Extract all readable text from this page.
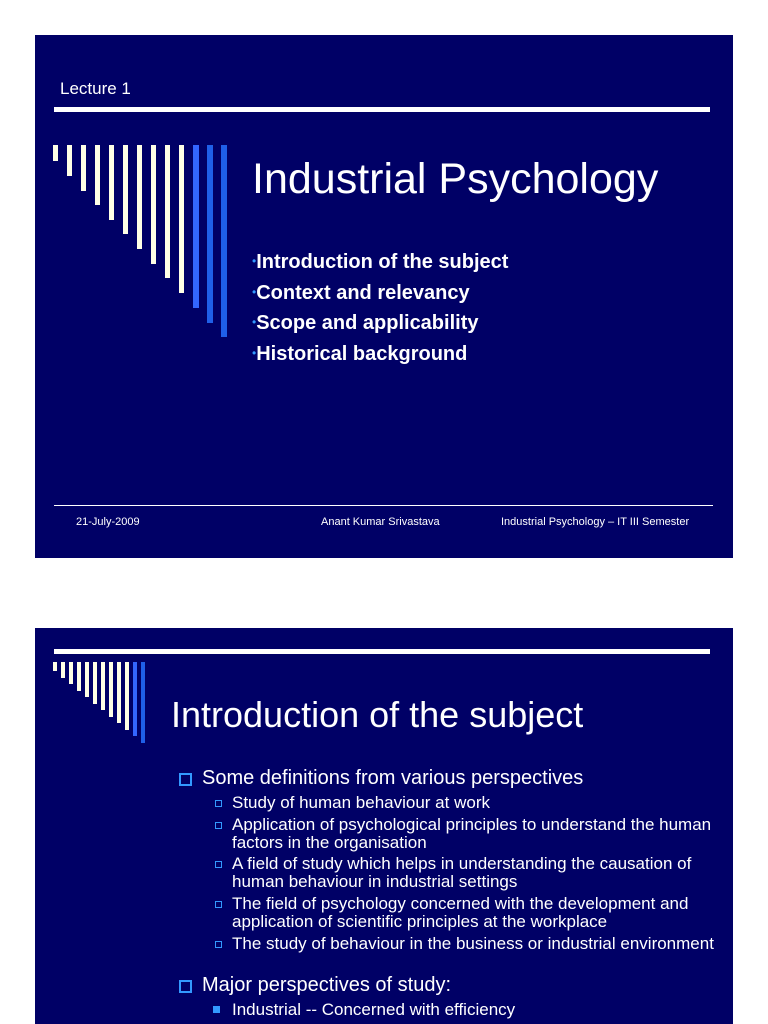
Lecture 1
Industrial Psychology
•Introduction of the subject
•Context and relevancy
•Scope and applicability
•Historical background
21-July-2009	Anant Kumar Srivastava	Industrial Psychology – IT III Semester
Introduction of the subject
Some definitions from various perspectives
Study of human behaviour at work
Application of psychological principles to understand the human factors in the organisation
A field of study which helps in understanding the causation of human behaviour in industrial settings
The field of psychology concerned with the development and application of scientific principles at the workplace
The study of behaviour in the business or industrial environment
Major perspectives of study:
Industrial -- Concerned with efficiency
